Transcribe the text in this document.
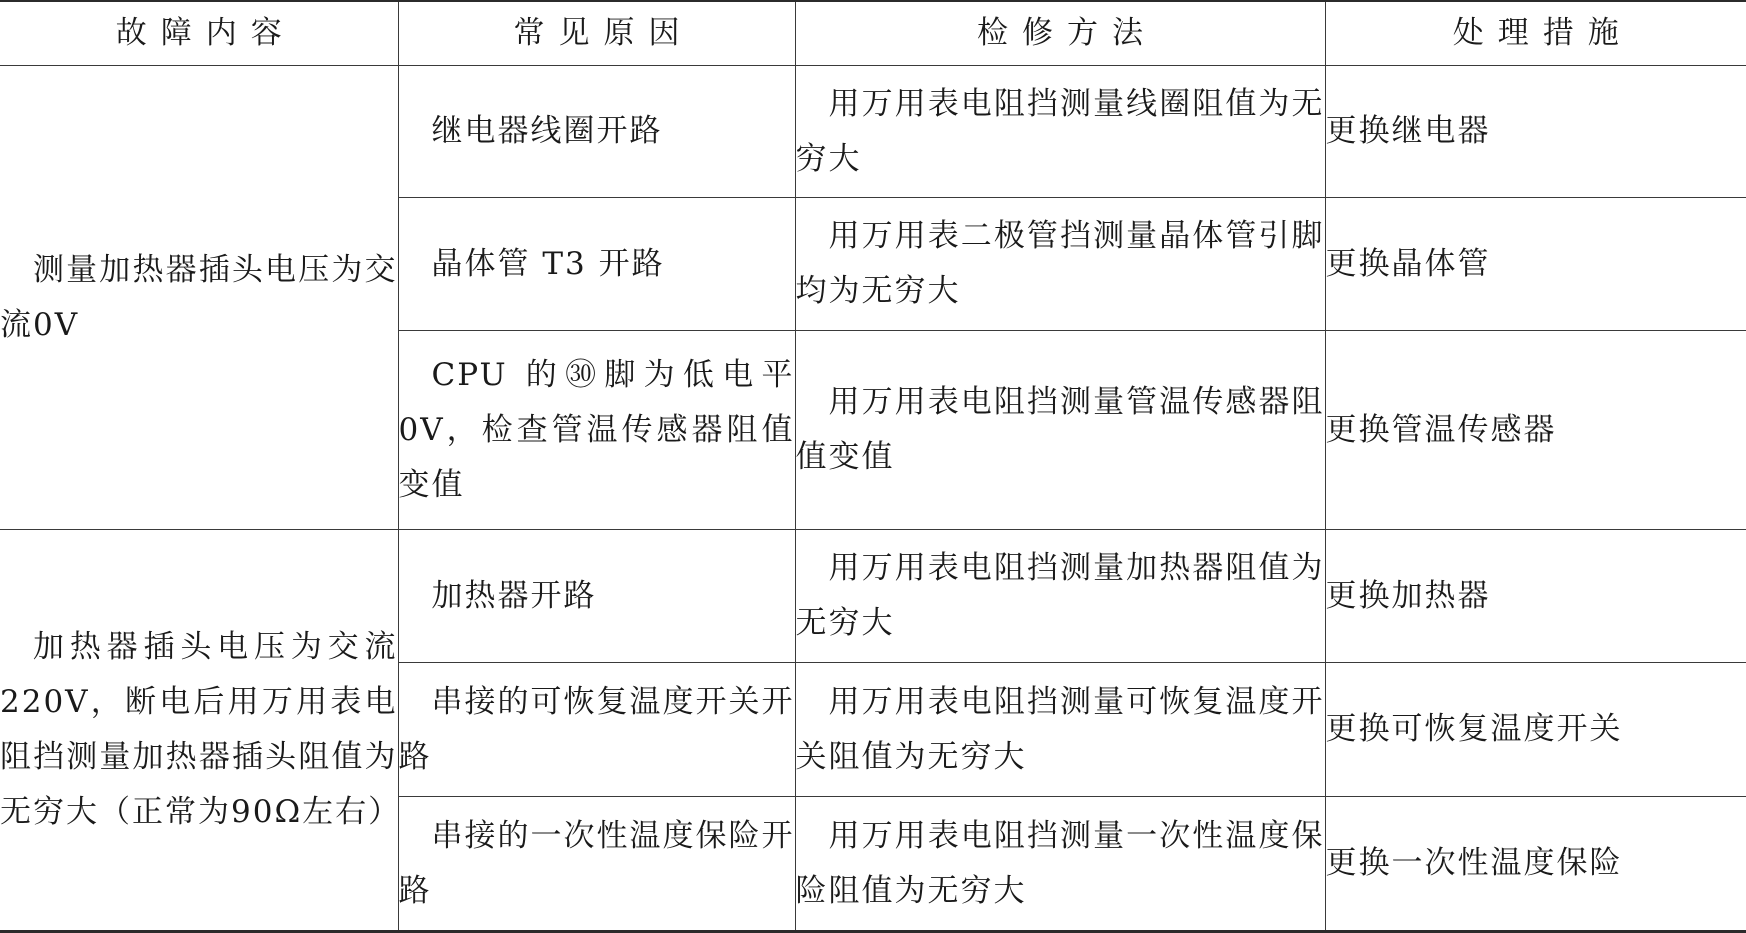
故障内容	常见原因	检修方法	处理措施

测量加热器插头电压为交流0V	继电器线圈开路	用万用表电阻挡测量线圈阻值为无穷大	更换继电器

	晶体管 T3 开路	用万用表二极管挡测量晶体管引脚均为无穷大	更换晶体管

	CPU 的㉚脚为低电平0V，检查管温传感器阻值变值	用万用表电阻挡测量管温传感器阻值变值	更换管温传感器

加热器插头电压为交流220V，断电后用万用表电阻挡测量加热器插头阻值为无穷大（正常为90Ω左右）	加热器开路	用万用表电阻挡测量加热器阻值为无穷大	更换加热器

	串接的可恢复温度开关开路	用万用表电阻挡测量可恢复温度开关阻值为无穷大	更换可恢复温度开关

	串接的一次性温度保险开路	用万用表电阻挡测量一次性温度保险阻值为无穷大	更换一次性温度保险
